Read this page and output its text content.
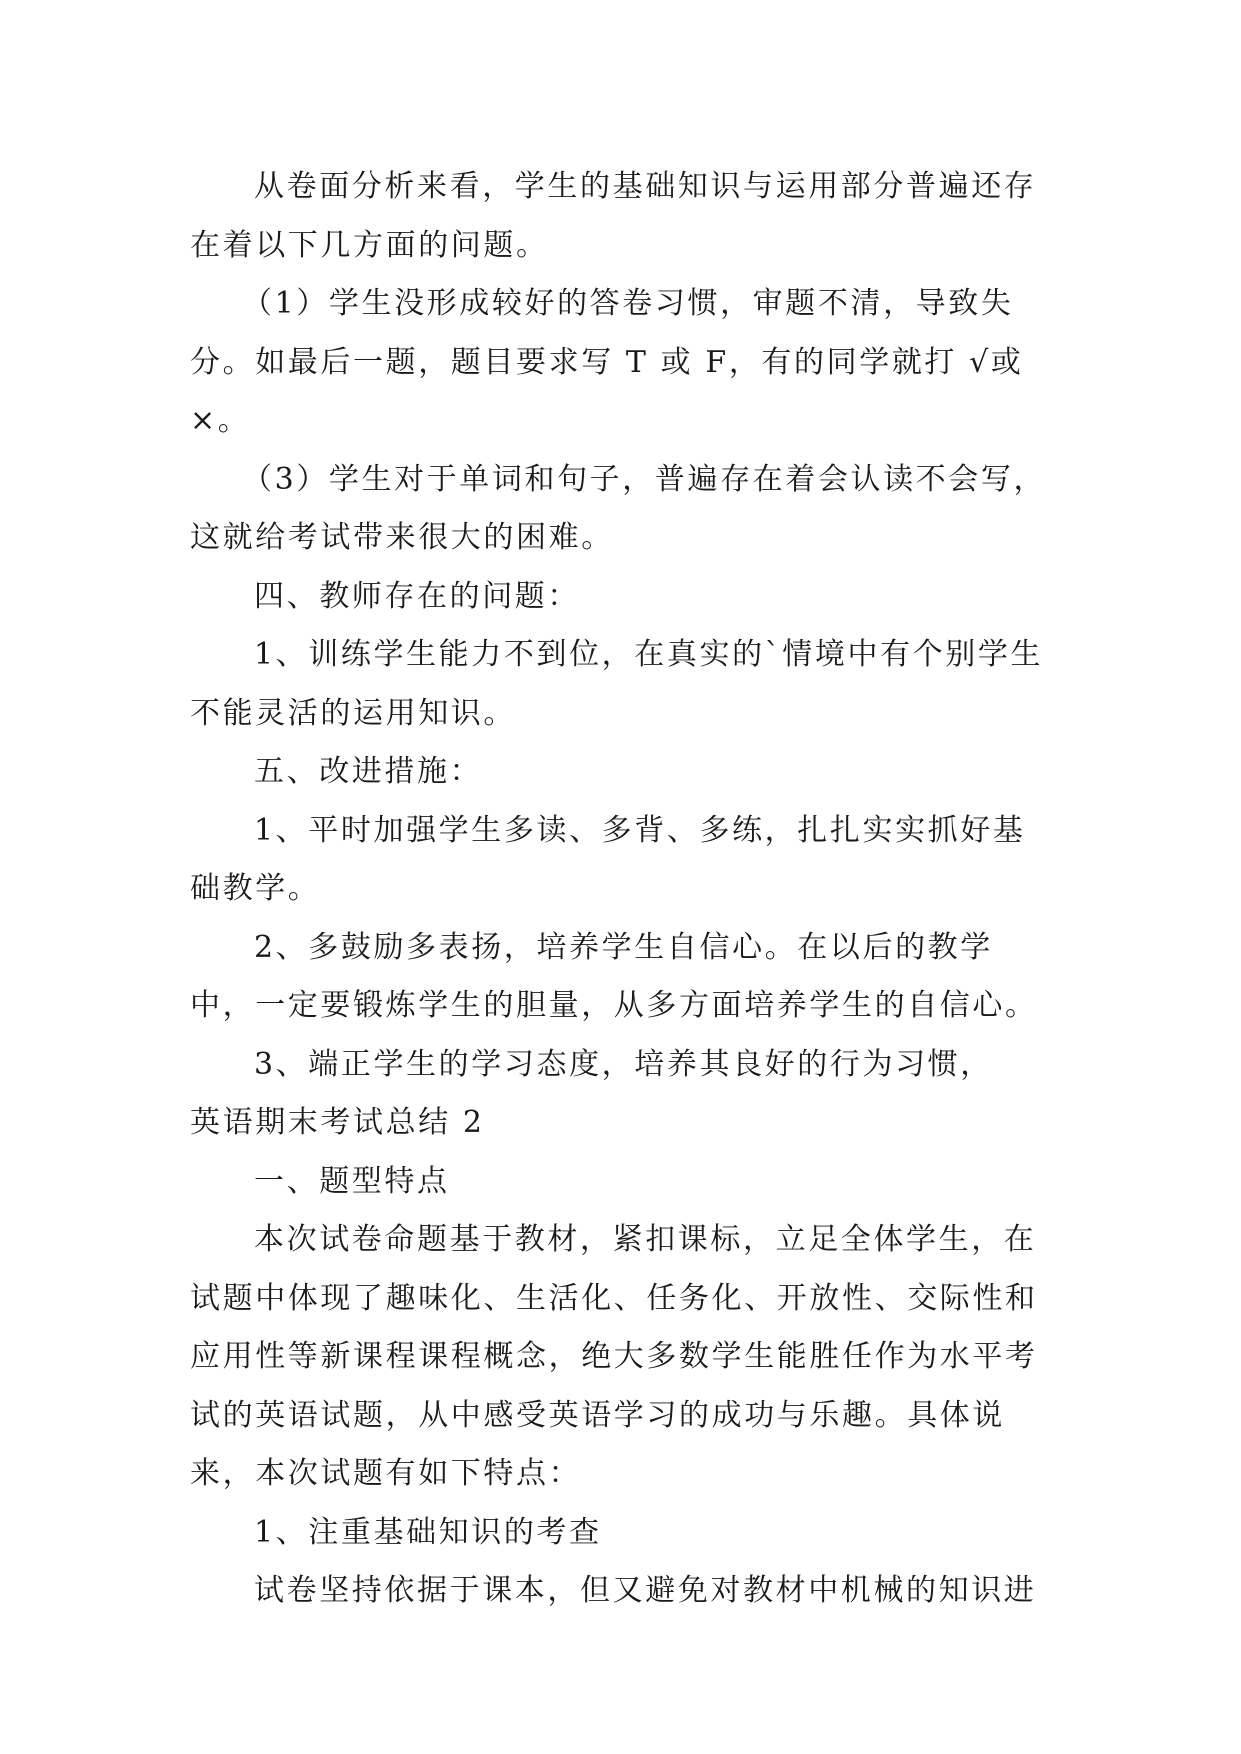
从卷面分析来看，学生的基础知识与运用部分普遍还存在着以下几方面的问题。

（1）学生没形成较好的答卷习惯，审题不清，导致失分。如最后一题，题目要求写 T 或 F，有的同学就打 √或×。

（3）学生对于单词和句子，普遍存在着会认读不会写，这就给考试带来很大的困难。

四、教师存在的问题：

1、训练学生能力不到位，在真实的`情境中有个别学生不能灵活的运用知识。

五、改进措施：

1、平时加强学生多读、多背、多练，扎扎实实抓好基础教学。

2、多鼓励多表扬，培养学生自信心。在以后的教学中，一定要锻炼学生的胆量，从多方面培养学生的自信心。

3、端正学生的学习态度，培养其良好的行为习惯，

英语期末考试总结 2

一、题型特点

本次试卷命题基于教材，紧扣课标，立足全体学生，在试题中体现了趣味化、生活化、任务化、开放性、交际性和应用性等新课程课程概念，绝大多数学生能胜任作为水平考试的英语试题，从中感受英语学习的成功与乐趣。具体说来，本次试题有如下特点：

1、注重基础知识的考查

试卷坚持依据于课本，但又避免对教材中机械的知识进
